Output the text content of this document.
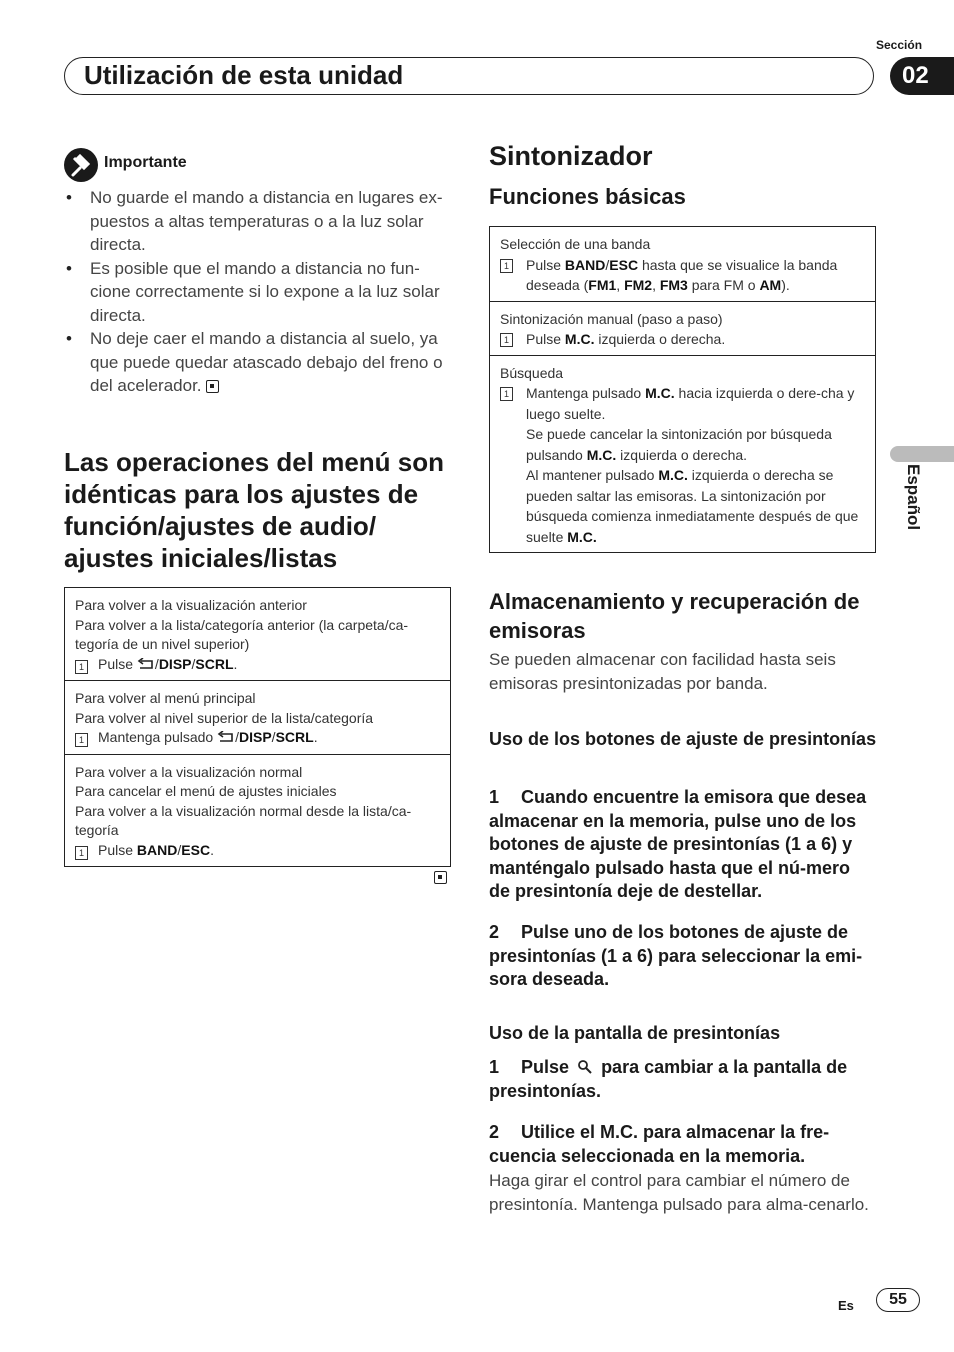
Sección
Utilización de esta unidad	02
Importante
• No guarde el mando a distancia en lugares ex-puestos a altas temperaturas o a la luz solar directa.
• Es posible que el mando a distancia no fun-cione correctamente si lo expone a la luz solar directa.
• No deje caer el mando a distancia al suelo, ya que puede quedar atascado debajo del freno o del acelerador.
Las operaciones del menú son idénticas para los ajustes de función/ajustes de audio/ ajustes iniciales/listas
Para volver a la visualización anterior
Para volver a la lista/categoría anterior (la carpeta/ca-tegoría de un nivel superior)
1 Pulse /DISP/SCRL.
Para volver al menú principal
Para volver al nivel superior de la lista/categoría
1 Mantenga pulsado /DISP/SCRL.
Para volver a la visualización normal
Para cancelar el menú de ajustes iniciales
Para volver a la visualización normal desde la lista/ca-tegoría
1 Pulse BAND/ESC.
Sintonizador
Funciones básicas
Selección de una banda
1 Pulse BAND/ESC hasta que se visualice la banda deseada (FM1, FM2, FM3 para FM o AM).
Sintonización manual (paso a paso)
1 Pulse M.C. izquierda o derecha.
Búsqueda
1 Mantenga pulsado M.C. hacia izquierda o dere-cha y luego suelte.
Se puede cancelar la sintonización por búsqueda pulsando M.C. izquierda o derecha.
Al mantener pulsado M.C. izquierda o derecha se pueden saltar las emisoras. La sintonización por búsqueda comienza inmediatamente después de que suelte M.C.
Almacenamiento y recuperación de emisoras
Se pueden almacenar con facilidad hasta seis emisoras presintonizadas por banda.
Uso de los botones de ajuste de presintonías
1 Cuando encuentre la emisora que desea almacenar en la memoria, pulse uno de los botones de ajuste de presintonías (1 a 6) y manténgalo pulsado hasta que el nú-mero de presintonía deje de destellar.
2 Pulse uno de los botones de ajuste de presintonías (1 a 6) para seleccionar la emi-sora deseada.
Uso de la pantalla de presintonías
1 Pulse para cambiar a la pantalla de presintonías.
2 Utilice el M.C. para almacenar la fre-cuencia seleccionada en la memoria.
Haga girar el control para cambiar el número de presintonía. Mantenga pulsado para alma-cenarlo.
Español
Es	55
